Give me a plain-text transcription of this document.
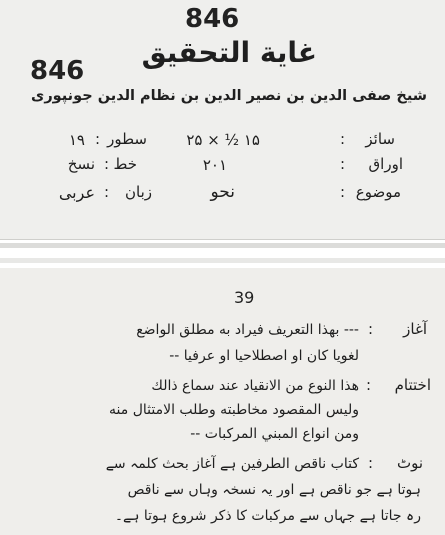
846
846
غاية التحقيق
شیخ صفی الدین بن نصیر الدین بن نظام الدین جونپوری
سائز
:
۱۵ ½ × ۲۵
سطور
:
۱۹
اوراق
:
۲۰۱
خط
:
نسخ
موضوع
:
نحو
زبان
:
عربی
39
آغاز
:
--- بهذا التعريف فيراد به مطلق الواضع
لغويا كان او اصطلاحيا او عرفيا --
اختتام
:
هذا النوع من الانقياد عند سماع ذالك
وليس المقصود مخاطبته وطلب الامتثال منه
ومن انواع المبني المركبات --
نوٹ
:
کتاب ناقص الطرفین ہے آغاز بحث کلمہ سے
ہوتا ہے جو ناقص ہے اور یہ نسخہ وہاں سے ناقص
رہ جاتا ہے جہاں سے مرکبات کا ذکر شروع ہوتا ہے۔
